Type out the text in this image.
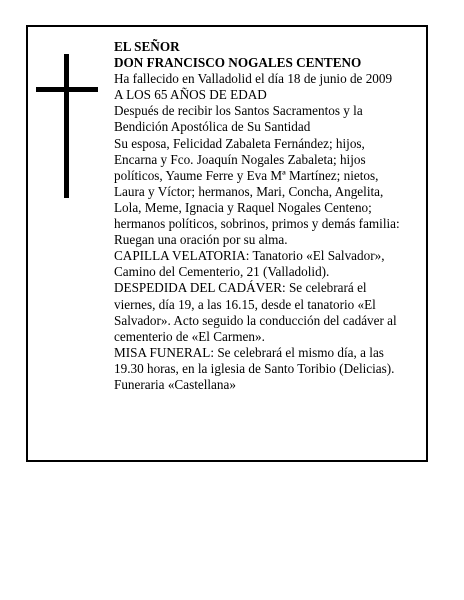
EL SEÑOR
DON FRANCISCO NOGALES CENTENO
Ha fallecido en Valladolid el día 18 de junio de 2009
A LOS 65 AÑOS DE EDAD
Después de recibir los Santos Sacramentos y la
Bendición Apostólica de Su Santidad
Su esposa, Felicidad Zabaleta Fernández; hijos,
Encarna y Fco. Joaquín Nogales Zabaleta; hijos
políticos, Yaume Ferre y Eva Mª Martínez; nietos,
Laura y Víctor; hermanos, Mari, Concha, Angelita,
Lola, Meme, Ignacia y Raquel Nogales Centeno;
hermanos políticos, sobrinos, primos y demás familia:
Ruegan una oración por su alma.
CAPILLA VELATORIA: Tanatorio «El Salvador»,
Camino del Cementerio, 21 (Valladolid).
DESPEDIDA DEL CADÁVER: Se celebrará el
viernes, día 19, a las 16.15, desde el tanatorio «El
Salvador». Acto seguido la conducción del cadáver al
cementerio de «El Carmen».
MISA FUNERAL: Se celebrará el mismo día, a las
19.30 horas, en la iglesia de Santo Toribio (Delicias).
Funeraria «Castellana»
